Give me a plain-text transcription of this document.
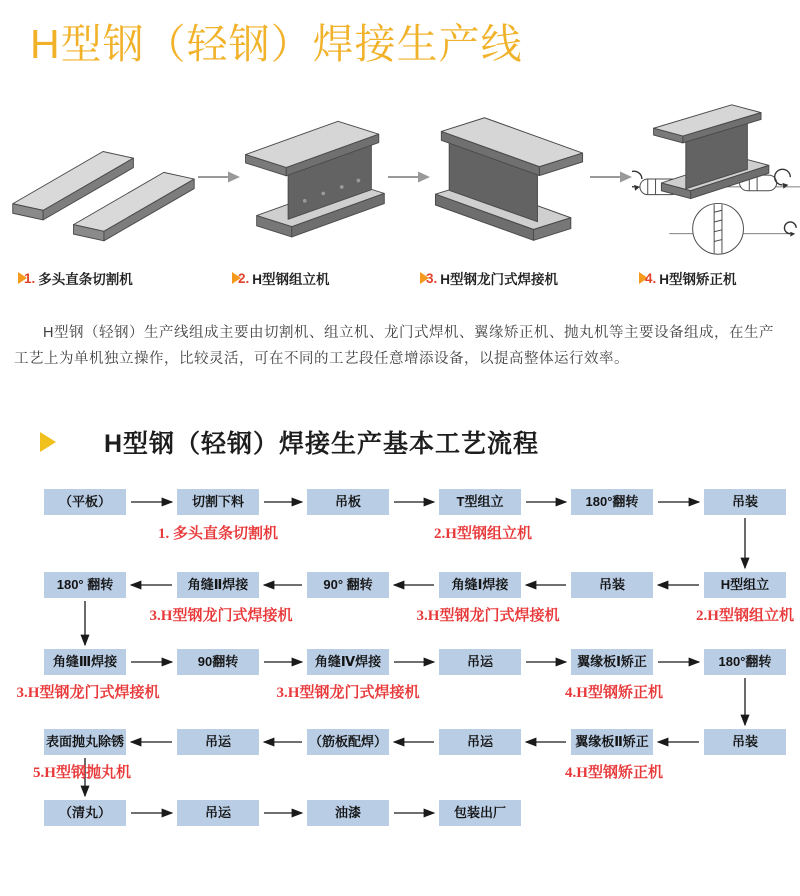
H型钢（轻钢）焊接生产线
1. 多头直条切割机	2. H型钢组立机	3. H型钢龙门式焊接机	4. H型钢矫正机

H型钢（轻钢）生产线组成主要由切割机、组立机、龙门式焊机、翼缘矫正机、抛丸机等主要设备组成，在生产工艺上为单机独立操作，比较灵活，可在不同的工艺段任意增添设备，以提高整体运行效率。

H型钢（轻钢）焊接生产基本工艺流程
（平板）	切割下料	吊板	T型组立	180°翻转	吊装
1. 多头直条切割机	2.H型钢组立机
180° 翻转	角缝Ⅱ焊接	90° 翻转	角缝Ⅰ焊接	吊装	H型组立
3.H型钢龙门式焊接机	3.H型钢龙门式焊接机	2.H型钢组立机
角缝Ⅲ焊接	90翻转	角缝Ⅳ焊接	吊运	翼缘板Ⅰ矫正	180°翻转
3.H型钢龙门式焊接机	3.H型钢龙门式焊接机	4.H型钢矫正机
表面抛丸除锈	吊运	（筋板配焊）	吊运	翼缘板Ⅱ矫正	吊装
5.H型钢抛丸机	4.H型钢矫正机
（清丸）	吊运	油漆	包装出厂
